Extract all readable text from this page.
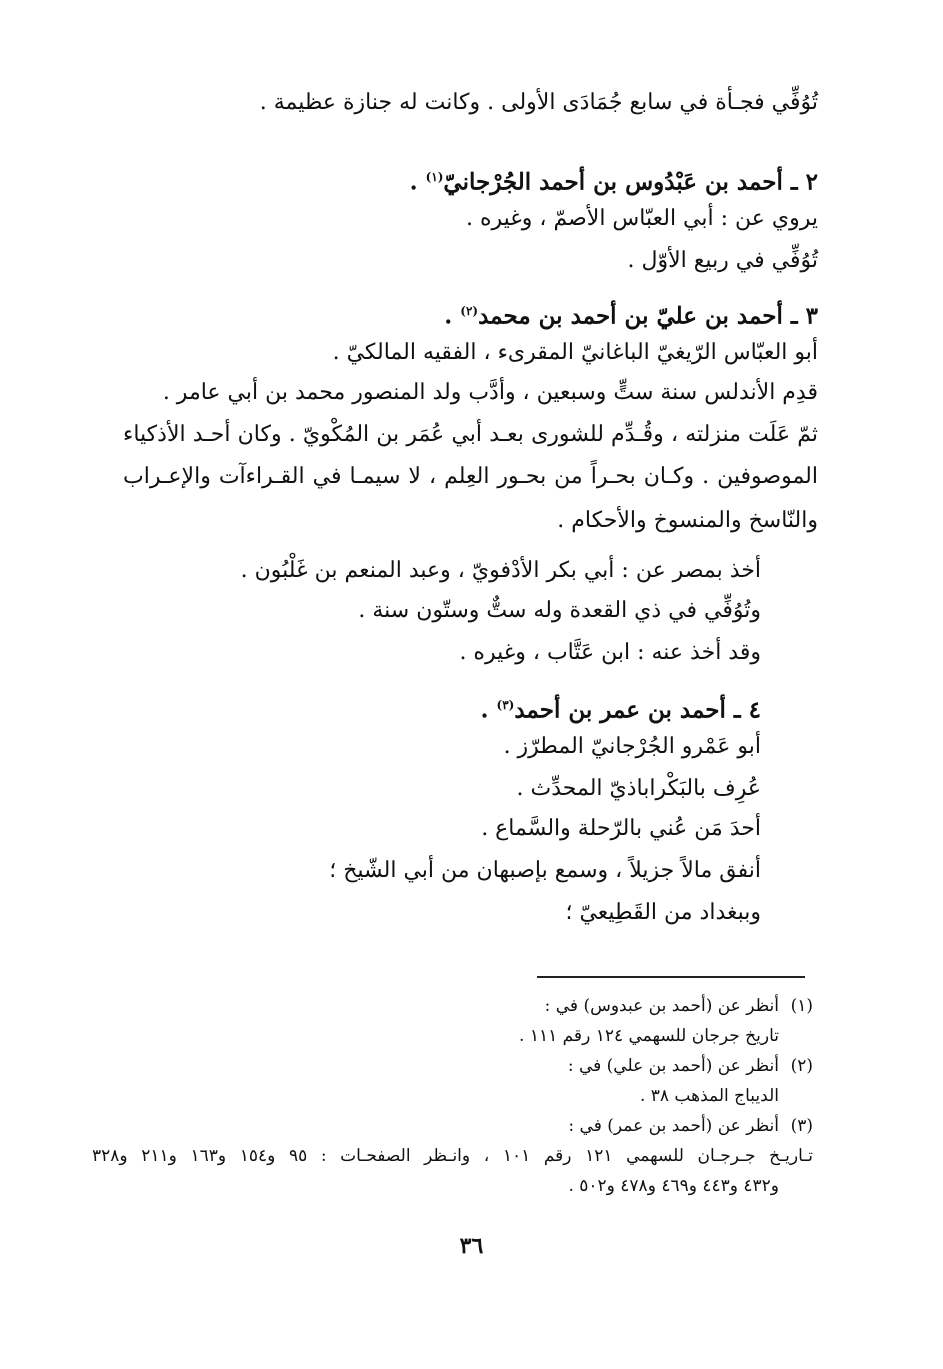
تُوُفِّي فجـأة في سابع جُمَادَى الأولى . وكانت له جنازة عظيمة .
٢ ـ أحمد بن عَبْدُوس بن أحمد الجُرْجانيّ$^{(١)}$ .
يروي عن : أبي العبّاس الأصمّ ، وغيره .
تُوُفِّي في ربيع الأوّل .
٣ ـ أحمد بن عليّ بن أحمد بن محمد$^{(٢)}$ .
أبو العبّاس الرّيغيّ الباغانيّ المقرىء ، الفقيه المالكيّ .
قدِم الأندلس سنة ستٍّ وسبعين ، وأدَّب ولد المنصور محمد بن أبي عامر .
ثمّ عَلَت منزلته ، وقُـدِّم للشورى بعـد أبي عُمَر بن المُكْويّ . وكان أحـد الأذكياء
الموصوفين . وكـان بحـراً من بحـور العِلم ، لا سيمـا في القـراءآت والإعـراب
والنّاسخ والمنسوخ والأحكام .
أخذ بمصر عن : أبي بكر الأدْفويّ ، وعبد المنعم بن غَلْبُون .
وتُوُفِّي في ذي القعدة وله ستٌّ وستّون سنة .
وقد أخذ عنه : ابن عَتَّاب ، وغيره .
٤ ـ أحمد بن عمر بن أحمد$^{(٣)}$ .
أبو عَمْرو الجُرْجانيّ المطرّز .
عُرِف بالبَكْراباذيّ المحدِّث .
أحدَ مَن عُني بالرّحلة والسَّماع .
أنفق مالاً جزيلاً ، وسمع بإصبهان من أبي الشّيخ ؛
وببغداد من القَطِيعيّ ؛
(١)أنظر عن (أحمد بن عبدوس) في :
تاريخ جرجان للسهمي ١٢٤ رقم ١١١ .
(٢)أنظر عن (أحمد بن علي) في :
الديباج المذهب ٣٨ .
(٣)أنظر عن (أحمد بن عمر) في :
تـاريـخ جـرجـان للسهمي ١٢١ رقم ١٠١ ، وانـظر الصفحـات : ٩٥ و١٥٤ و١٦٣ و٢١١ و٣٢٨
و٤٣٢ و٤٤٣ و٤٦٩ و٤٧٨ و٥٠٢ .
٣٦
